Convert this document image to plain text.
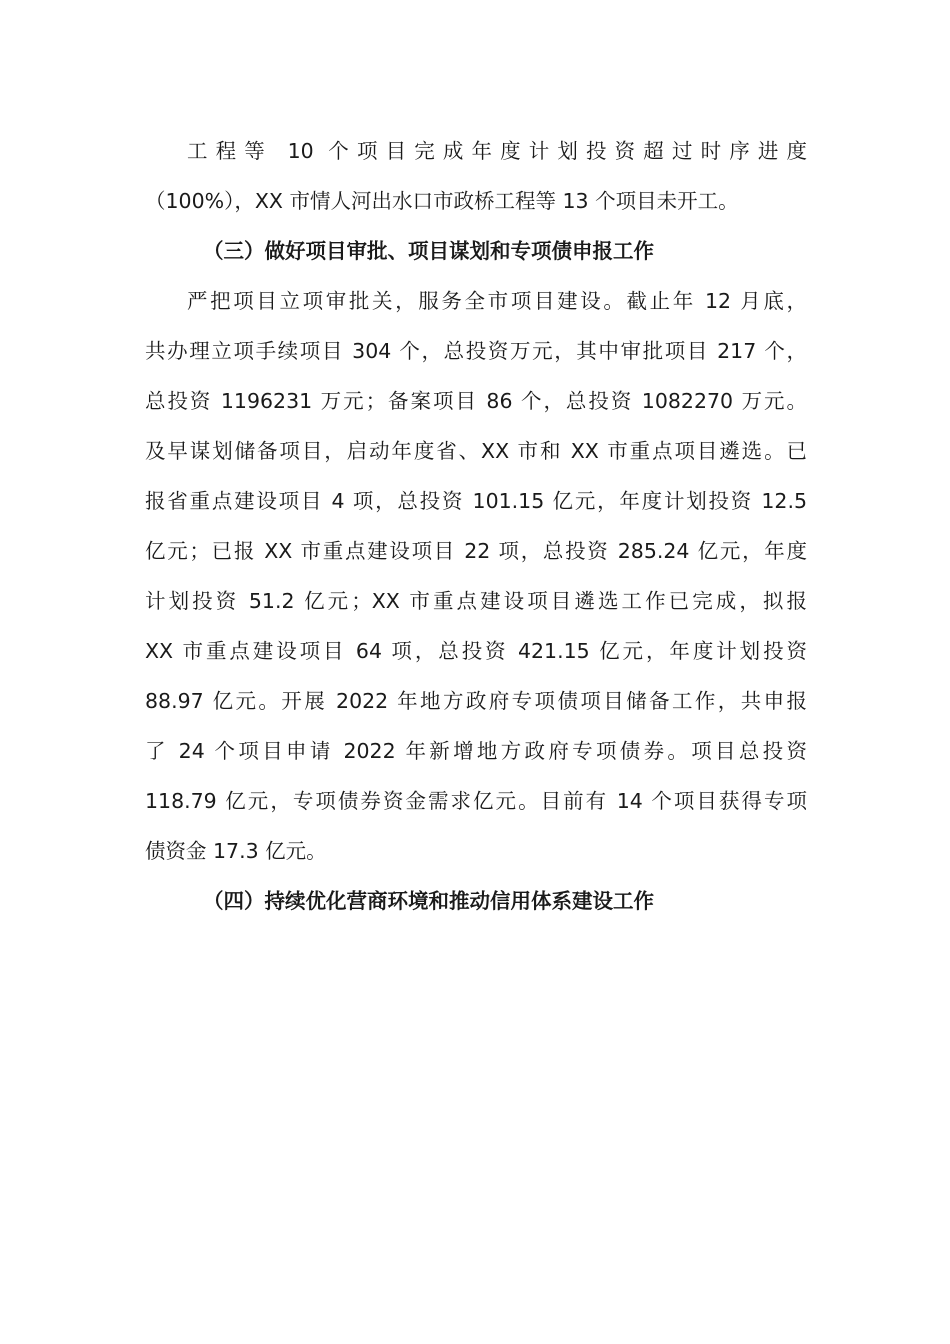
工程等 10 个项目完成年度计划投资超过时序进度
（100%），XX 市情人河出水口市政桥工程等 13 个项目未开工。
（三）做好项目审批、项目谋划和专项债申报工作
严把项目立项审批关，服务全市项目建设。截止年 12 月底，
共办理立项手续项目 304 个，总投资万元，其中审批项目 217 个，
总投资 1196231 万元；备案项目 86 个，总投资 1082270 万元。
及早谋划储备项目，启动年度省、XX 市和 XX 市重点项目遴选。已
报省重点建设项目 4 项，总投资 101.15 亿元，年度计划投资 12.5
亿元；已报 XX 市重点建设项目 22 项，总投资 285.24 亿元，年度
计划投资 51.2 亿元；XX 市重点建设项目遴选工作已完成，拟报
XX 市重点建设项目 64 项，总投资 421.15 亿元，年度计划投资
88.97 亿元。开展 2022 年地方政府专项债项目储备工作，共申报
了 24 个项目申请 2022 年新增地方政府专项债券。项目总投资
118.79 亿元，专项债券资金需求亿元。目前有 14 个项目获得专项
债资金 17.3 亿元。
（四）持续优化营商环境和推动信用体系建设工作
